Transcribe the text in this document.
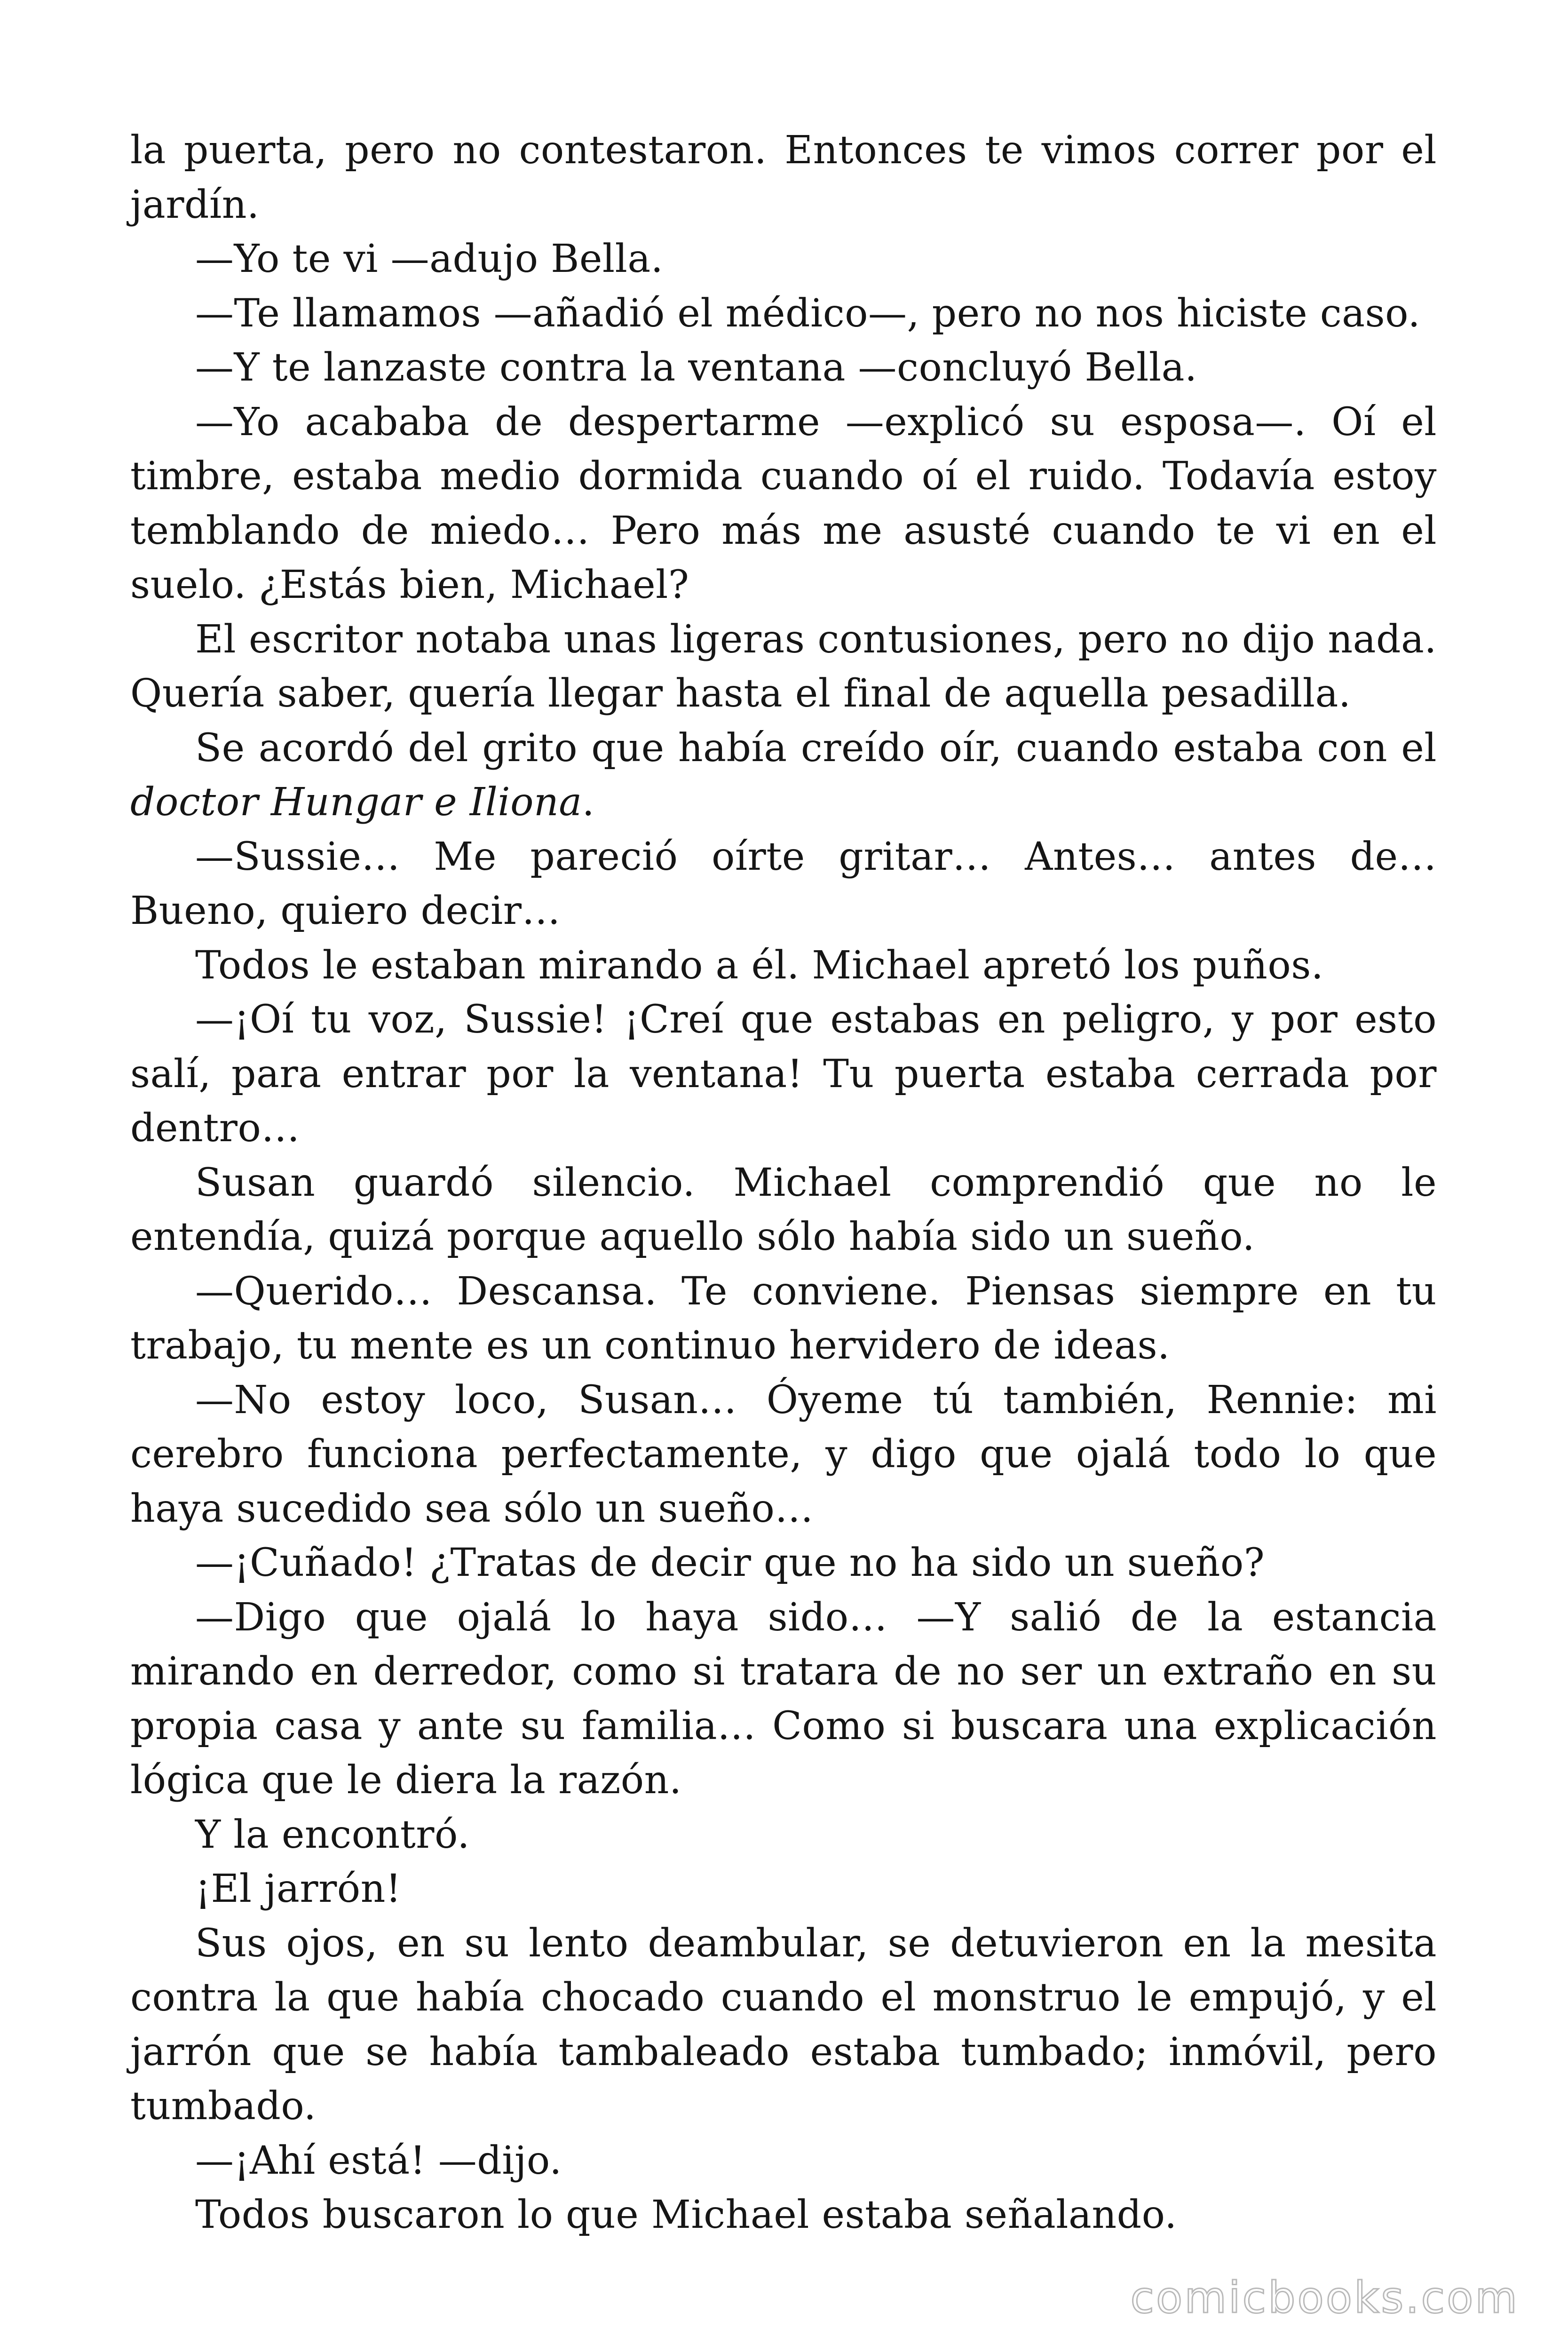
la puerta, pero no contestaron. Entonces te vimos correr por el jardín.

—Yo te vi —adujo Bella.

—Te llamamos —añadió el médico—, pero no nos hiciste caso.

—Y te lanzaste contra la ventana —concluyó Bella.

—Yo acababa de despertarme —explicó su esposa—. Oí el timbre, estaba medio dormida cuando oí el ruido. Todavía estoy temblando de miedo… Pero más me asusté cuando te vi en el suelo. ¿Estás bien, Michael?

El escritor notaba unas ligeras contusiones, pero no dijo nada. Quería saber, quería llegar hasta el final de aquella pesadilla.

Se acordó del grito que había creído oír, cuando estaba con el doctor Hungar e Iliona.

—Sussie… Me pareció oírte gritar… Antes… antes de… Bueno, quiero decir…

Todos le estaban mirando a él. Michael apretó los puños.

—¡Oí tu voz, Sussie! ¡Creí que estabas en peligro, y por esto salí, para entrar por la ventana! Tu puerta estaba cerrada por dentro…

Susan guardó silencio. Michael comprendió que no le entendía, quizá porque aquello sólo había sido un sueño.

—Querido… Descansa. Te conviene. Piensas siempre en tu trabajo, tu mente es un continuo hervidero de ideas.

—No estoy loco, Susan… Óyeme tú también, Rennie: mi cerebro funciona perfectamente, y digo que ojalá todo lo que haya sucedido sea sólo un sueño…

—¡Cuñado! ¿Tratas de decir que no ha sido un sueño?

—Digo que ojalá lo haya sido… —Y salió de la estancia mirando en derredor, como si tratara de no ser un extraño en su propia casa y ante su familia… Como si buscara una explicación lógica que le diera la razón.

Y la encontró.

¡El jarrón!

Sus ojos, en su lento deambular, se detuvieron en la mesita contra la que había chocado cuando el monstruo le empujó, y el jarrón que se había tambaleado estaba tumbado; inmóvil, pero tumbado.

—¡Ahí está! —dijo.

Todos buscaron lo que Michael estaba señalando.

comicbooks.com
